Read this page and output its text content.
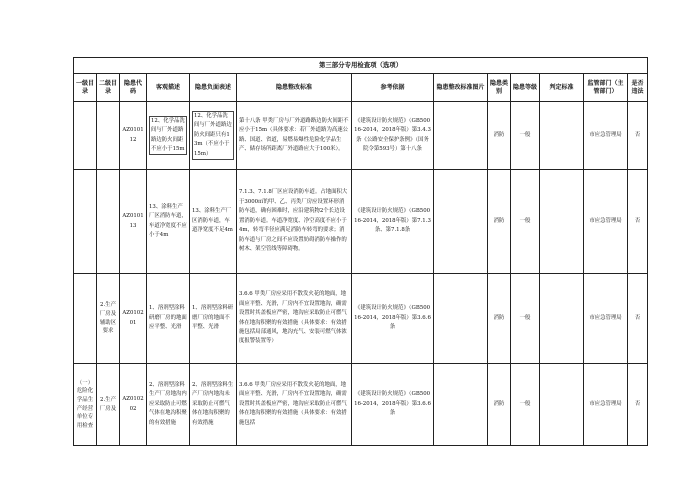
第三部分专用检查项（选项）												
一级目录	二级目录	隐患代码	客观描述	隐患负面表述	隐患整改标准	参考依据	隐患整改标准图片	隐患类别	隐患等级	判定标准	监管部门（主管部门）	是否违法
		AZ010112	12、化学品洗间与厂外道路路边防火间距不应小于15m	12、化学品洗间与厂外道路边防火间距只有13m（不应小于15m）	第十八条 甲类厂房与厂外道路路边防火间距不应小于15m（具体要求：若厂外道路为高速公路、国道、省道，易燃易爆性危险化学品生产、储存场所距离厂外道路应大于100米）。	《建筑设计防火规范》（GB50016-2014，2018年版）第3.4.3条《公路安全保护条例》（国务院令第593号）第十八条		消防	一般		市应急管理局	否
		AZ010113	13、涂料生产厂区消防车道，车道净宽度不应小于4m	13、涂料生产厂区消防车道，车道净宽度不足4m	7.1.3、7.1.8厂区应设消防车道。占地面积大于3000㎡的甲、乙、丙类厂房应设置环形消防车道，确有困难时，应沿建筑物2个长边设置消防车道。车道净宽度、净空高度不应小于4m，转弯半径应满足消防车转弯的要求；消防车道与厂房之间不应设置妨碍消防车操作的树木、架空管线等障碍物。	《建筑设计防火规范》（GB50016-2014，2018年版）第7.1.3条、第7.1.8条		消防	一般		市应急管理局	否
	2.生产厂房及辅助区要求	AZ010201	1、溶剂型涂料研磨厂房的地面应平整、光滑	1、溶剂型涂料研磨厂房的地面不平整、光滑	3.6.6 甲类厂房应采用不散发火花的地面，地面应平整、光滑，厂房内不宜设置地沟，确需设置时其盖板应严密，地沟应采取防止可燃气体在地沟积聚的有效措施（具体要求：有效措施包括局部通风，地沟充气、安装可燃气体浓度报警装置等）	《建筑设计防火规范》（GB50016-2014，2018年版）第3.6.6条		消防	一般		市应急管理局	否
（一）危险化学品生产经营单位专用检查	2.生产厂房及	AZ010202	2、溶剂型涂料生产厂房地沟内应采取防止可燃气体在地沟积聚的有效措施	2、溶剂型涂料生产厂房内地沟未采取防止可燃气体在地沟积聚的有效措施	3.6.6 甲类厂房应采用不散发火花的地面，地面应平整、光滑，厂房内不宜设置地沟，确需设置时其盖板应严密，地沟应采取防止可燃气体在地沟积聚的有效措施（具体要求：有效措施包括	《建筑设计防火规范》（GB50016-2014，2018年版）第3.6.6条		消防	一般		市应急管理局	否
